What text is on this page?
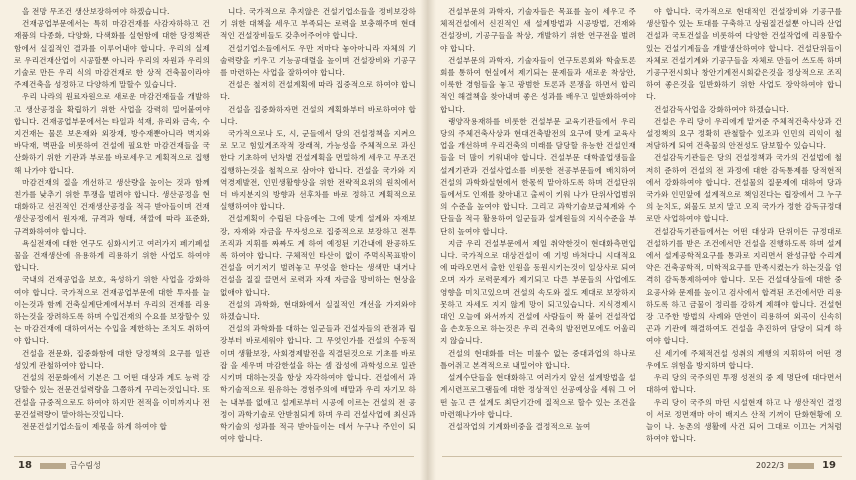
을 전망 무조건 생산보장하여야 하겠습니다.

건재공업부문에서는 특히 마감건재를 사감자하하고 건재품의 다종화, 다양화, 다색화를 실현함에 대한 당정책관함에서 실질적인 결과를 이루어내야 합니다. 우리의 실제로 우리건재산업이 시공할뿐 아니라 우리의 자원과 우리의 기술로 만든 우리 식의 마감건재로 한 상적 건축물이라야 주제건축을 성정하고 다양하게 말할수 있습니다.

우리 나라의 원료자원으로 새로운 마감건재들을 개발하고 생산공정을 확립하기 위한 사업을 강력히 밀어붙여야 합니다. 건재공업부문에서는 타일과 석재, 유리와 금속, 수지건재는 물론 보온재와 외장재, 방수재뿐아니라 벽지와 바닥재, 벽판을 비롯하여 건설에 필요한 마감건재들을 국산화하기 위한 기관과 부로를 바로세우고 계획적으로 집행해 나가야 합니다.

마감건재의 질을 개선하고 생산량을 높이는 것과 함께 친가를 낮추기 위한 투쟁을 벌려야 합니다. 생산공정을 현대화하고 선진적인 건재생산공정을 적극 받아들이며 건재생산공정에서 원자재, 규격과 형태, 색깔에 따라 표준화, 규격화하여야 합니다.

욕실전재에 대한 연구도 심화시키고 여러가지 페기폐설물을 건재생산에 유용하게 리용하기 위한 사업도 하여야 합니다.

국내의 건재공업을 보호, 육성하기 위한 사업을 강화하여야 합니다. 국가적으로 건재공업부문에 대한 투자를 늘이는것과 함께 건축실계단계에서부터 우리의 건재를 리용하는것을 장려하도록 하며 수입건재의 수요를 보장할수 있는 마감건재에 대하여서는 수입을 제한하는 조치도 취하여야 합니다.

건설을 전문화, 집중화함에 대한 당정책의 요구를 일관성있게 관철하여야 합니다.

건설의 전문화에서 기본은 그 어떤 대상과 계도 능력 강당할수 있는 전문건설력량을 그쯤하게 꾸리는것입니다. 또 건설을 규중적으로도 하여야 하지만 전적을 이미까지나 전문건설력량이 맡아하는것입니다.

전문건설기업소들이 제몫을 하게 하여야 합

니다. 국가적으로 추지않은 건설기업소들을 정비보강하기 위한 대책을 세우고 부족되는 로력을 보충해주며 현대적인 건설장비들도 갖추어주어야 합니다.

건설기업소들에서도 우만 저마다 놓아아니라 자체의 기술력량을 키우고 기능공대렬을 높이며 건설장비와 기공구를 마련하는 사업을 잘하여야 합니다.

건설은 철저히 건설계획에 따라 집중적으로 하여야 합니다.

건설을 집중화하자면 건설의 계획화부터 바로하여야 합니다.

국가적으로나 도, 시, 군들에서 당의 건설정책을 지켜으로 모고 힘있게조작적 장래적, 가능성을 주체적으로 과신한다 기초하여 년차별 건설계획을 면밀하게 세우고 무조건 집행하는것을 철칙으로 삼아야 합니다. 건설을 국가와 지역경제발전, 인민생활향상을 위한 전략적요위의 원칙에서 더 바지분지의 방향과 선후차를 바로 정하고 계획적으로 실행하여야 합니다.

건설계획이 수립된 다음에는 그에 맞게 설계와 자재보장, 자재와 자금을 무자성으로 집중적으로 보장하고 전투조직과 지휘를 짜짜도 계 하여 예정된 기간내에 완공하도록 하여야 합니다. 구체적인 타산이 없이 주먹식목표밖이 건설을 여기저기 벌려놓고 무엇을 한다는 생색만 내거나 건설을 질질 끌면서 로력과 자재 자금을 망비하는 현상을 없애야 합니다.

건설의 과학화, 현대화에서 실질적인 개선을 가져와야 하겠습니다.

건설의 과학화를 대하는 일군들과 건설자들의 관점과 립장부터 바로세워야 합니다. 그 무엇인가를 건설의 수동적이며 생활보장, 사회경제발전을 직결된것으로 기초를 바로 잡 을 세우며 마감한설을 하는 셈 잡성에 과학성으로 일관시키며 대하는것을 항상 자각하여야 합니다. 건설에서 과학기술적으로 원유하는 경험주의에 배말과 우리 자기모 하는 내부를 없애고 설계로부터 시공에 이르는 건설의 전 공정이 과학기술로 안받침되게 하며 우리 건설사업에 최신과학기술의 성과를 적극 받아들이는 데서 누구나 주인이 되여야 합니다.

18	금수림성

건설부문의 과학자, 기술자들은 목표를 높이 세우고 주체적건설에서 신진적인 새 설계방법과 시공방법, 건재와 건설장비, 기공구들을 착상, 개발하기 위한 연구전을 벌려야 합니다.

건설부문의 과학자, 기술자들이 연구토론회와 학술토론회를 통하여 현실에서 제기되는 문제들과 새로운 착상안, 이룩한 경험들을 놓고 광범한 토론과 론쟁을 하면서 합리적인 해결책을 찾아내며 좋은 성과를 배우고 일반화하여야 합니다.

랭양작용재하를 비롯한 건설부문 교육기관들에서 우리 당의 주체건축사상과 현대건축발전의 요구에 맞게 교육사업을 개선하며 우리건축의 미래를 담당할 유능한 건설인재들을 더 많이 키워내야 합니다. 건설부문 대학졸업생들을 설계기관과 건설사업소를 비롯한 전공부문들에 배치하여 건설의 과학화실현에서 한몫씩 맡아하도록 하며 건설단위들에서도 인재를 찾아내고 출씨이 키워 나가 단위사업범위의 수준을 높여야 합니다. 그리고 과학기술보급체계와 수단들을 적극 활용하여 일군들과 설계원들의 지식수준을 부단히 높여야 합니다.

지금 우리 건설부문에서 제일 취약한것이 현대화측면입니다. 국가적으로 대상건설이 예 기빙 바쳐다니 시대적요에 따라오면서 출한 인원을 동원시키는것이 일상사로 되여오며 자가 로력문제가 제기되고 다른 부문들의 사업에도 영향을 미치고있으며 건설의 속도와 질도 제대로 보장하지 못하고 자세도 지지 않게 망이 되고있습니다. 지식경제시대인 오늘에 와서까지 건설에 사람들이 짝 붙어 건설작업을 손호동으로 하는것은 우리 건축의 발전면모에도 어울리지 않습니다.

건설의 현대화를 더는 미룰수 없는 중대과업의 하나로 틀어쥐고 본격적으로 내밀어야 합니다.

설계수단들을 현대화하고 여러가지 앞선 설계방법을 설계시련프로그램들에 대한 정상적인 선공예상을 세워 그 어떤 높고 큰 설계도 최단기간에 질적으로 할수 있는 조건을 마련해나가야 합니다.

건설작업의 기계화비중을 결정적으로 높여

야 합니다. 국가적으로 현대적인 건설장비와 기공구를 생산할수 있는 토대를 구축하고 상림질건설뿐 아니라 산업건설과 국토건설을 비롯하여 다양한 건설작업에 리용할수 있는 건설기계들을 개발생산하여야 합니다. 건설단위들이 자체로 건설기계와 기공구들을 자체로 만들어 쓰도록 하며 기공구전시회나 창안기계전시회같은것을 정상적으로 조직하여 좋은것을 일반화하기 위한 사업도 장악하여야 합니다.

건설감독사업을 강화하여야 하겠습니다.

건설은 우리 당이 우리에게 맡겨준 주체적건축사상과 건설정책의 요구 정확히 관철할수 있조과 인민의 리익이 철저담하게 되여 건축물의 안전성도 담보할수 있습니다.

건설감독기관들은 당의 건설정책과 국가의 건설법에 철저히 준하여 건설의 전 과정에 대한 감독통제를 당적현적에서 강화하여야 합니다. 건설물의 질문제에 대하여 당과 국가와 인민앞에 설계적으로 책임진다는 립장에서 그 누구의 눈치도, 외물도 보지 말고 오직 국가가 정한 감독규정대로만 사업하여야 합니다.

건설감독기관들에서는 어떤 대상과 단위이든 규정대로 건설하기를 받은 조건에서만 건설을 진행하도록 하며 설계에서 설계공학적요구를 통과로 지리면서 완성규합 수리계 약은 건축공학적, 미학적요구를 만족시켰는가 하는것을 엄격히 감독통제하여야 합니다. 모든 건설대상들에 대한 중요공사와 문제를 높이고 검사에서 합격된 조건에서만 리용하도록 하고 금물이 정리를 강하게 제해야 합니다. 건설현장 고주한 방법의 사례와 만연이 리용하여 외곡이 신속히 곤과 기관에 해결하여도 건설을 추진하여 담당이 되게 하여야 합니다.

신 세기에 주체적건설 성취의 계행의 지휘하여 어떤 경우에도 위험을 방지하며 합니다.

우리 당의 국주의민 투쟁 성전의 중 제 명단에 대다면서 대하여 합니다.

우리 당이 국주의 마던 시설현재 하고 나 생산적인 결정이 서로 정면재마 아이 배지스 산적 기꺼이 단화현황에 오늘이 나. 농촌의 생활에 사건 되어 그대로 이끄는 거처럼 하여야 합니다.

2022/3	19
